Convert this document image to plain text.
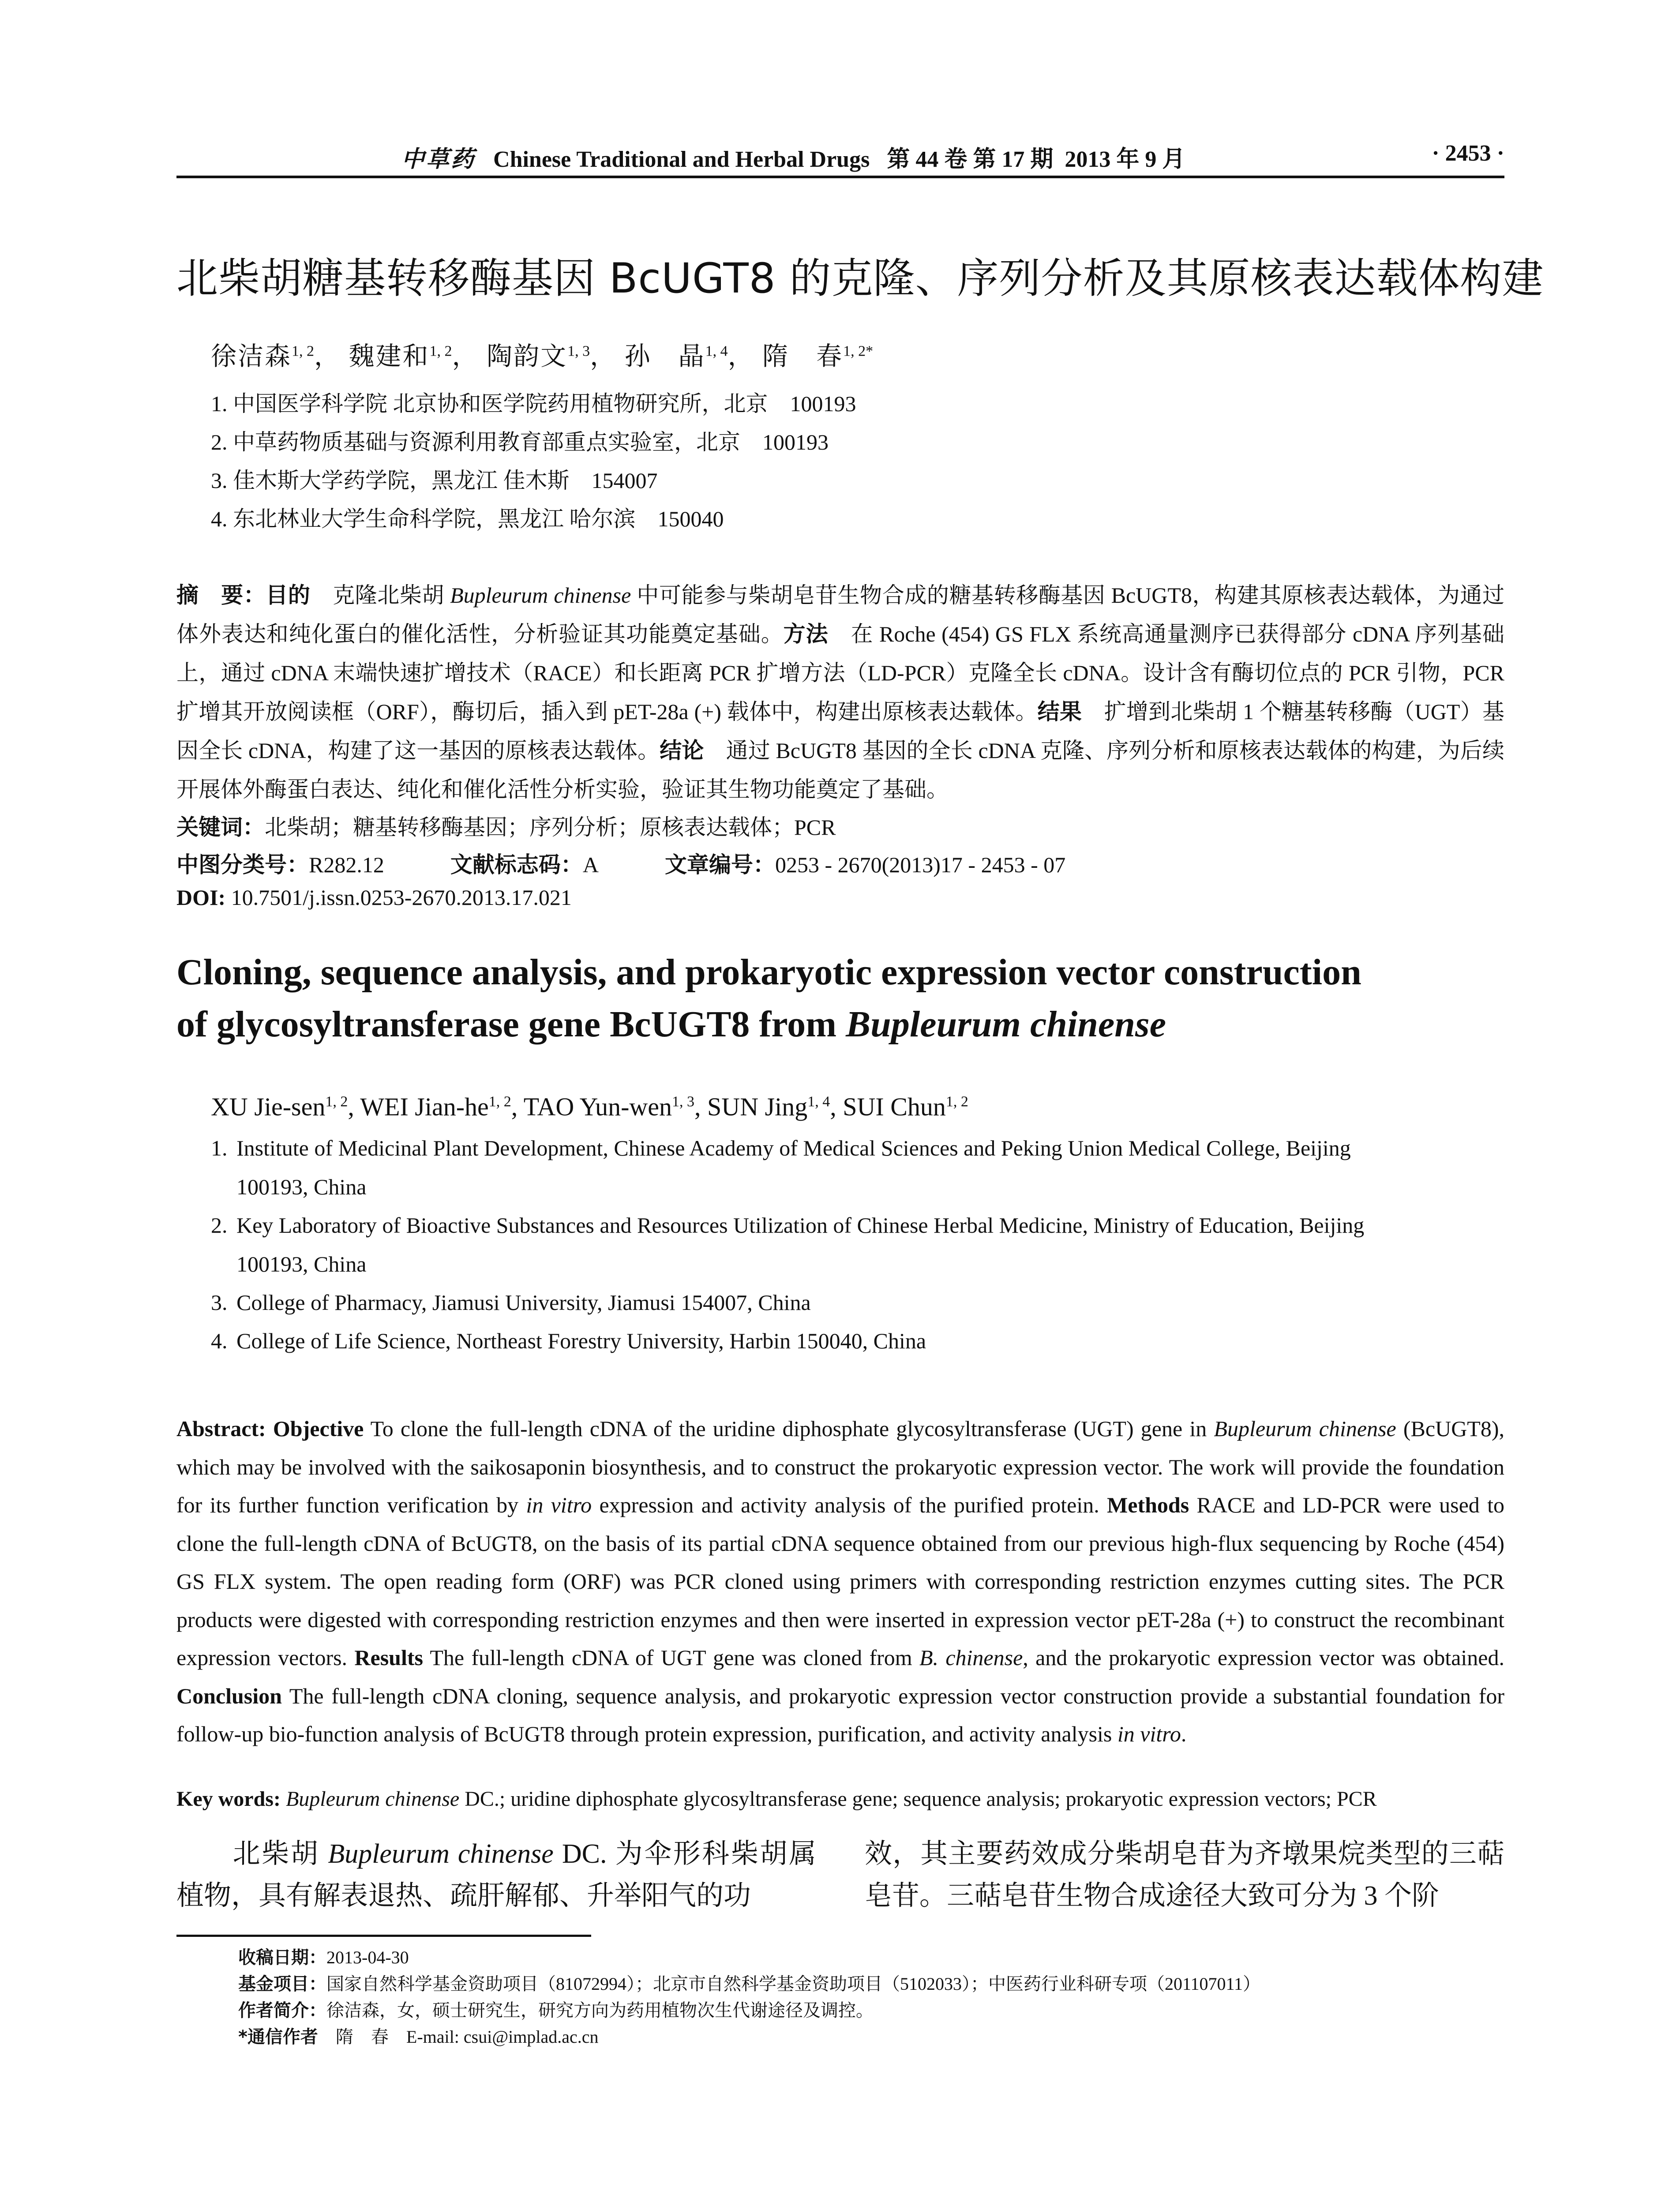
中草药 Chinese Traditional and Herbal Drugs   第 44 卷 第 17 期  2013 年 9 月	· 2453 ·
北柴胡糖基转移酶基因 BcUGT8 的克隆、序列分析及其原核表达载体构建
徐洁森$^{1, 2}$， 魏建和$^{1, 2}$， 陶韵文$^{1, 3}$， 孙　晶$^{1, 4}$， 隋　春$^{1, 2*}$
1. 中国医学科学院 北京协和医学院药用植物研究所，北京　100193
2. 中草药物质基础与资源利用教育部重点实验室，北京　100193
3. 佳木斯大学药学院，黑龙江 佳木斯　154007
4. 东北林业大学生命科学院，黑龙江 哈尔滨　150040
摘　要：目的　克隆北柴胡 Bupleurum chinense 中可能参与柴胡皂苷生物合成的糖基转移酶基因 BcUGT8，构建其原核表达载体，为通过体外表达和纯化蛋白的催化活性，分析验证其功能奠定基础。方法　在 Roche (454) GS FLX 系统高通量测序已获得部分 cDNA 序列基础上，通过 cDNA 末端快速扩增技术（RACE）和长距离 PCR 扩增方法（LD-PCR）克隆全长 cDNA。设计含有酶切位点的 PCR 引物，PCR 扩增其开放阅读框（ORF），酶切后，插入到 pET-28a (+) 载体中，构建出原核表达载体。结果　扩增到北柴胡 1 个糖基转移酶（UGT）基因全长 cDNA，构建了这一基因的原核表达载体。结论　通过 BcUGT8 基因的全长 cDNA 克隆、序列分析和原核表达载体的构建，为后续开展体外酶蛋白表达、纯化和催化活性分析实验，验证其生物功能奠定了基础。
关键词：北柴胡；糖基转移酶基因；序列分析；原核表达载体；PCR
中图分类号：R282.12	文献标志码：A	文章编号：0253 - 2670(2013)17 - 2453 - 07
DOI: 10.7501/j.issn.0253-2670.2013.17.021
Cloning, sequence analysis, and prokaryotic expression vector construction
of glycosyltransferase gene BcUGT8 from Bupleurum chinense
XU Jie-sen$^{1, 2}$, WEI Jian-he$^{1, 2}$, TAO Yun-wen$^{1, 3}$, SUN Jing$^{1, 4}$, SUI Chun$^{1, 2}$
1. Institute of Medicinal Plant Development, Chinese Academy of Medical Sciences and Peking Union Medical College, Beijing
100193, China
2. Key Laboratory of Bioactive Substances and Resources Utilization of Chinese Herbal Medicine, Ministry of Education, Beijing
100193, China
3. College of Pharmacy, Jiamusi University, Jiamusi 154007, China
4. College of Life Science, Northeast Forestry University, Harbin 150040, China
Abstract: Objective To clone the full-length cDNA of the uridine diphosphate glycosyltransferase (UGT) gene in Bupleurum chinense (BcUGT8), which may be involved with the saikosaponin biosynthesis, and to construct the prokaryotic expression vector. The work will provide the foundation for its further function verification by in vitro expression and activity analysis of the purified protein. Methods RACE and LD-PCR were used to clone the full-length cDNA of BcUGT8, on the basis of its partial cDNA sequence obtained from our previous high-flux sequencing by Roche (454) GS FLX system. The open reading form (ORF) was PCR cloned using primers with corresponding restriction enzymes cutting sites. The PCR products were digested with corresponding restriction enzymes and then were inserted in expression vector pET-28a (+) to construct the recombinant expression vectors. Results The full-length cDNA of UGT gene was cloned from B. chinense, and the prokaryotic expression vector was obtained. Conclusion The full-length cDNA cloning, sequence analysis, and prokaryotic expression vector construction provide a substantial foundation for follow-up bio-function analysis of BcUGT8 through protein expression, purification, and activity analysis in vitro.
Key words: Bupleurum chinense DC.; uridine diphosphate glycosyltransferase gene; sequence analysis; prokaryotic expression vectors; PCR
北柴胡 Bupleurum chinense DC. 为伞形科柴胡属植物，具有解表退热、疏肝解郁、升举阳气的功
效，其主要药效成分柴胡皂苷为齐墩果烷类型的三萜皂苷。三萜皂苷生物合成途径大致可分为 3 个阶
收稿日期：2013-04-30
基金项目：国家自然科学基金资助项目（81072994）；北京市自然科学基金资助项目（5102033）；中医药行业科研专项（201107011）
作者简介：徐洁森，女，硕士研究生，研究方向为药用植物次生代谢途径及调控。
*通信作者　隋　春　E-mail: csui@implad.ac.cn
